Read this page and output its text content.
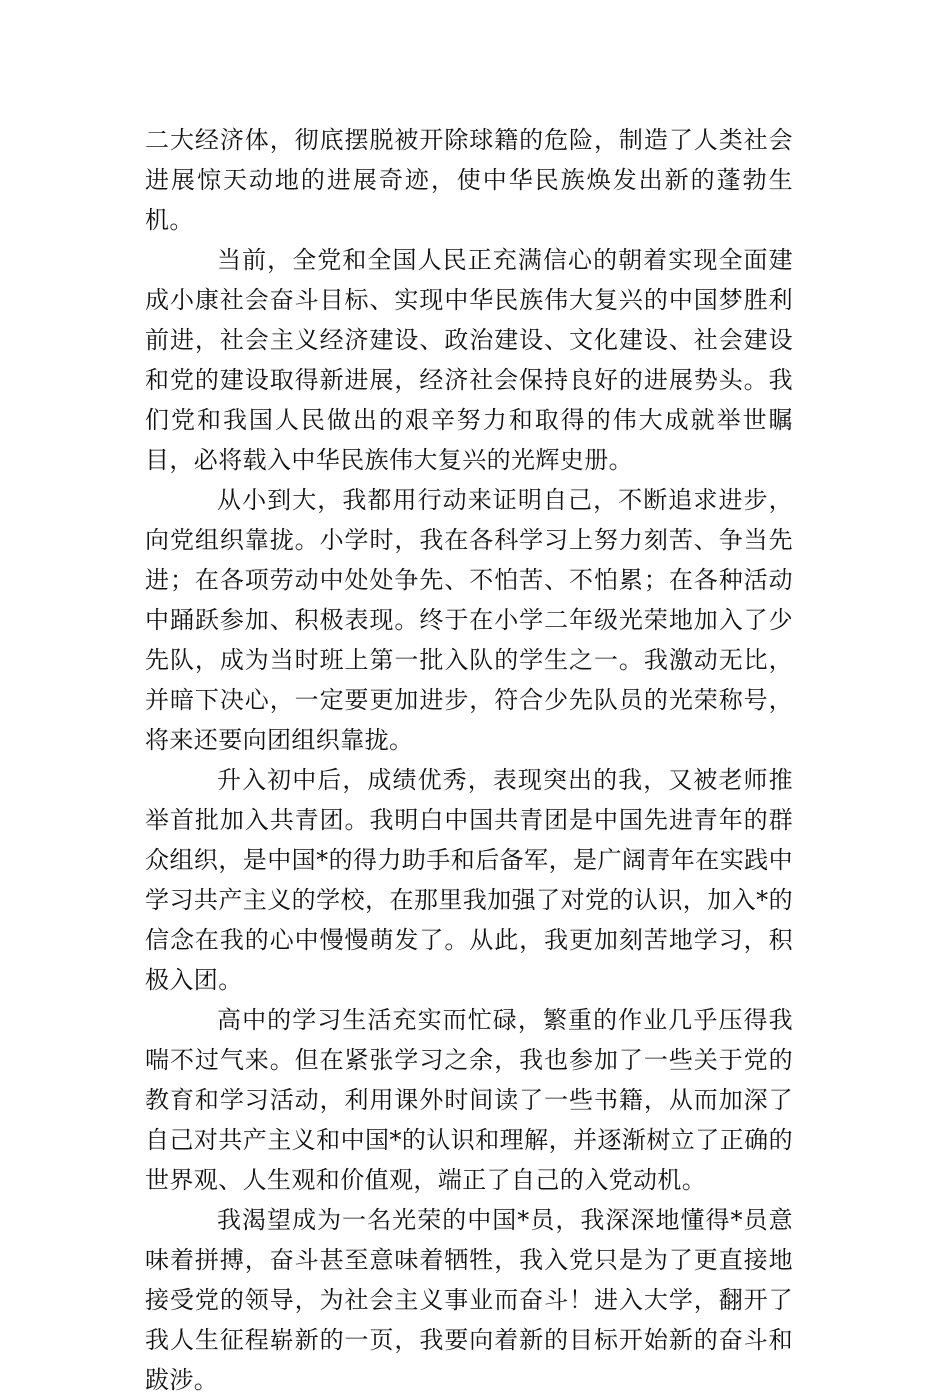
二大经济体，彻底摆脱被开除球籍的危险，制造了人类社会进展惊天动地的进展奇迹，使中华民族焕发出新的蓬勃生机。

当前，全党和全国人民正充满信心的朝着实现全面建成小康社会奋斗目标、实现中华民族伟大复兴的中国梦胜利前进，社会主义经济建设、政治建设、文化建设、社会建设和党的建设取得新进展，经济社会保持良好的进展势头。我们党和我国人民做出的艰辛努力和取得的伟大成就举世瞩目，必将载入中华民族伟大复兴的光辉史册。

从小到大，我都用行动来证明自己，不断追求进步，向党组织靠拢。小学时，我在各科学习上努力刻苦、争当先进；在各项劳动中处处争先、不怕苦、不怕累；在各种活动中踊跃参加、积极表现。终于在小学二年级光荣地加入了少先队，成为当时班上第一批入队的学生之一。我激动无比，并暗下决心，一定要更加进步，符合少先队员的光荣称号，将来还要向团组织靠拢。

升入初中后，成绩优秀，表现突出的我，又被老师推举首批加入共青团。我明白中国共青团是中国先进青年的群众组织，是中国*的得力助手和后备军，是广阔青年在实践中学习共产主义的学校，在那里我加强了对党的认识，加入*的信念在我的心中慢慢萌发了。从此，我更加刻苦地学习，积极入团。

高中的学习生活充实而忙碌，繁重的作业几乎压得我喘不过气来。但在紧张学习之余，我也参加了一些关于党的教育和学习活动，利用课外时间读了一些书籍，从而加深了自己对共产主义和中国*的认识和理解，并逐渐树立了正确的世界观、人生观和价值观，端正了自己的入党动机。

我渴望成为一名光荣的中国*员，我深深地懂得*员意味着拼搏，奋斗甚至意味着牺牲，我入党只是为了更直接地接受党的领导，为社会主义事业而奋斗！进入大学，翻开了我人生征程崭新的一页，我要向着新的目标开始新的奋斗和跋涉。
